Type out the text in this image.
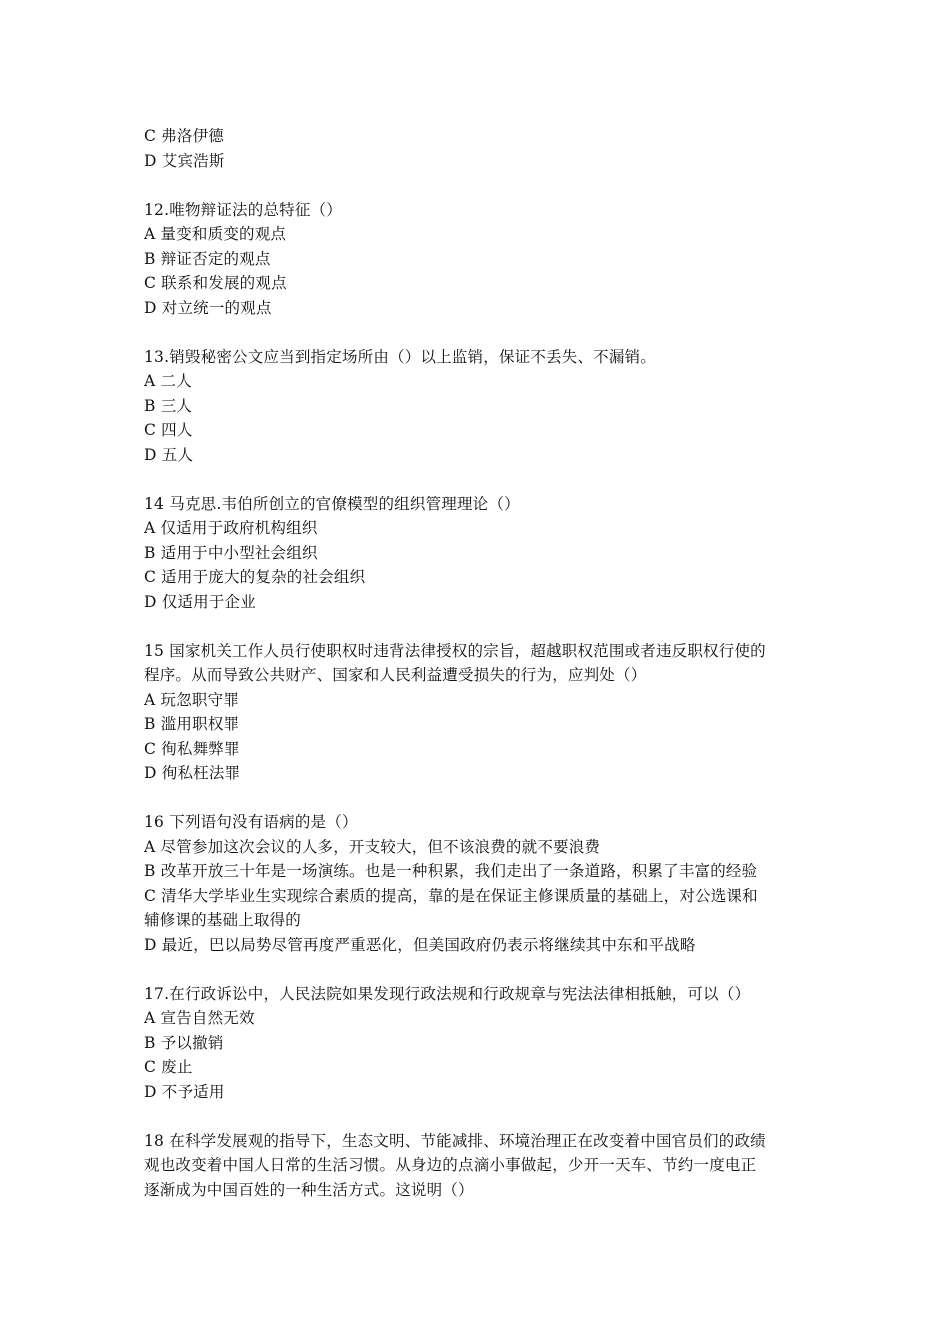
C 弗洛伊德
D 艾宾浩斯
12.唯物辩证法的总特征（）
A 量变和质变的观点
B 辩证否定的观点
C 联系和发展的观点
D 对立统一的观点
13.销毁秘密公文应当到指定场所由（）以上监销，保证不丢失、不漏销。
A 二人
B 三人
C 四人
D 五人
14 马克思.韦伯所创立的官僚模型的组织管理理论（）
A 仅适用于政府机构组织
B 适用于中小型社会组织
C 适用于庞大的复杂的社会组织
D 仅适用于企业
15 国家机关工作人员行使职权时违背法律授权的宗旨，超越职权范围或者违反职权行使的
程序。从而导致公共财产、国家和人民利益遭受损失的行为，应判处（）
A 玩忽职守罪
B 滥用职权罪
C 徇私舞弊罪
D 徇私枉法罪
16 下列语句没有语病的是（）
A 尽管参加这次会议的人多，开支较大，但不该浪费的就不要浪费
B 改革开放三十年是一场演练。也是一种积累，我们走出了一条道路，积累了丰富的经验
C 清华大学毕业生实现综合素质的提高，靠的是在保证主修课质量的基础上，对公选课和
辅修课的基础上取得的
D 最近，巴以局势尽管再度严重恶化，但美国政府仍表示将继续其中东和平战略
17.在行政诉讼中，人民法院如果发现行政法规和行政规章与宪法法律相抵触，可以（）
A 宣告自然无效
B 予以撤销
C 废止
D 不予适用
18 在科学发展观的指导下，生态文明、节能减排、环境治理正在改变着中国官员们的政绩
观也改变着中国人日常的生活习惯。从身边的点滴小事做起，少开一天车、节约一度电正
逐渐成为中国百姓的一种生活方式。这说明（）
